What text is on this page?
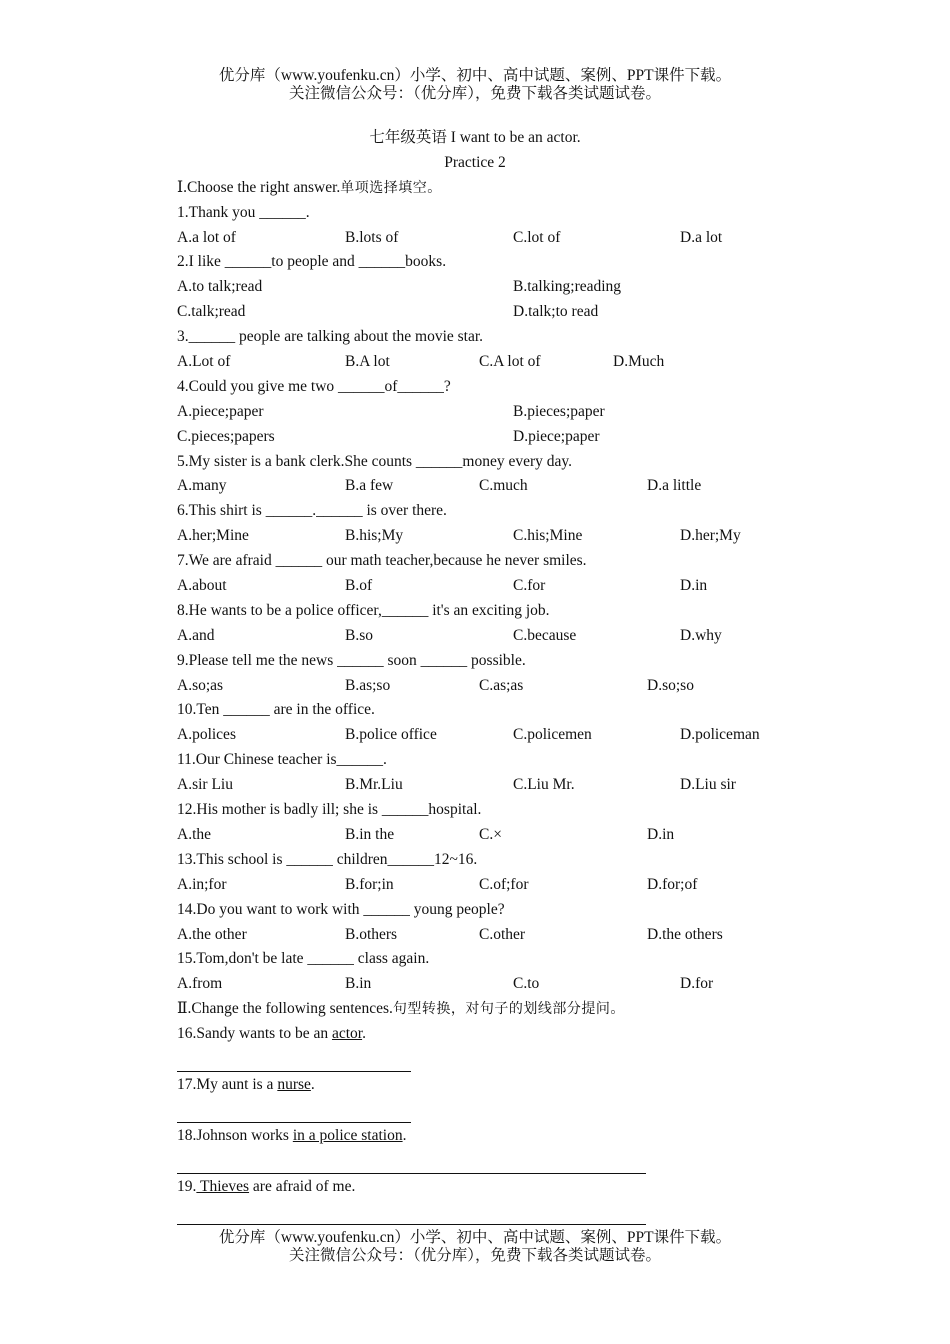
优分库（www.youfenku.cn）小学、初中、高中试题、案例、PPT课件下载。
关注微信公众号：（优分库），免费下载各类试题试卷。
七年级英语 I want to be an actor.
Practice 2
Ⅰ.Choose the right answer.单项选择填空。
1.Thank you ______.
A.a lot of	B.lots of	C.lot of	D.a lot
2.I like ______to people and ______books.
A.to talk;read	B.talking;reading
C.talk;read	D.talk;to read
3.______ people are talking about the movie star.
A.Lot of	B.A lot	C.A lot of	D.Much
4.Could you give me two ______of______?
A.piece;paper	B.pieces;paper
C.pieces;papers	D.piece;paper
5.My sister is a bank clerk.She counts ______money every day.
A.many	B.a few	C.much	D.a little
6.This shirt is ______.______ is over there.
A.her;Mine	B.his;My	C.his;Mine	D.her;My
7.We are afraid ______ our math teacher,because he never smiles.
A.about	B.of	C.for	D.in
8.He wants to be a police officer,______ it's an exciting job.
A.and	B.so	C.because	D.why
9.Please tell me the news ______ soon ______ possible.
A.so;as	B.as;so	C.as;as	D.so;so
10.Ten ______ are in the office.
A.polices	B.police office	C.policemen	D.policeman
11.Our Chinese teacher is______.
A.sir Liu	B.Mr.Liu	C.Liu Mr.	D.Liu sir
12.His mother is badly ill; she is ______hospital.
A.the	B.in the	C.×	D.in
13.This school is ______ children______12~16.
A.in;for	B.for;in	C.of;for	D.for;of
14.Do you want to work with ______ young people?
A.the other	B.others	C.other	D.the others
15.Tom,don't be late ______ class again.
A.from	B.in	C.to	D.for
Ⅱ.Change the following sentences.句型转换，对句子的划线部分提问。
16.Sandy wants to be an actor.
17.My aunt is a nurse.
18.Johnson works in a police station.
19. Thieves are afraid of me.
优分库（www.youfenku.cn）小学、初中、高中试题、案例、PPT课件下载。
关注微信公众号：（优分库），免费下载各类试题试卷。
